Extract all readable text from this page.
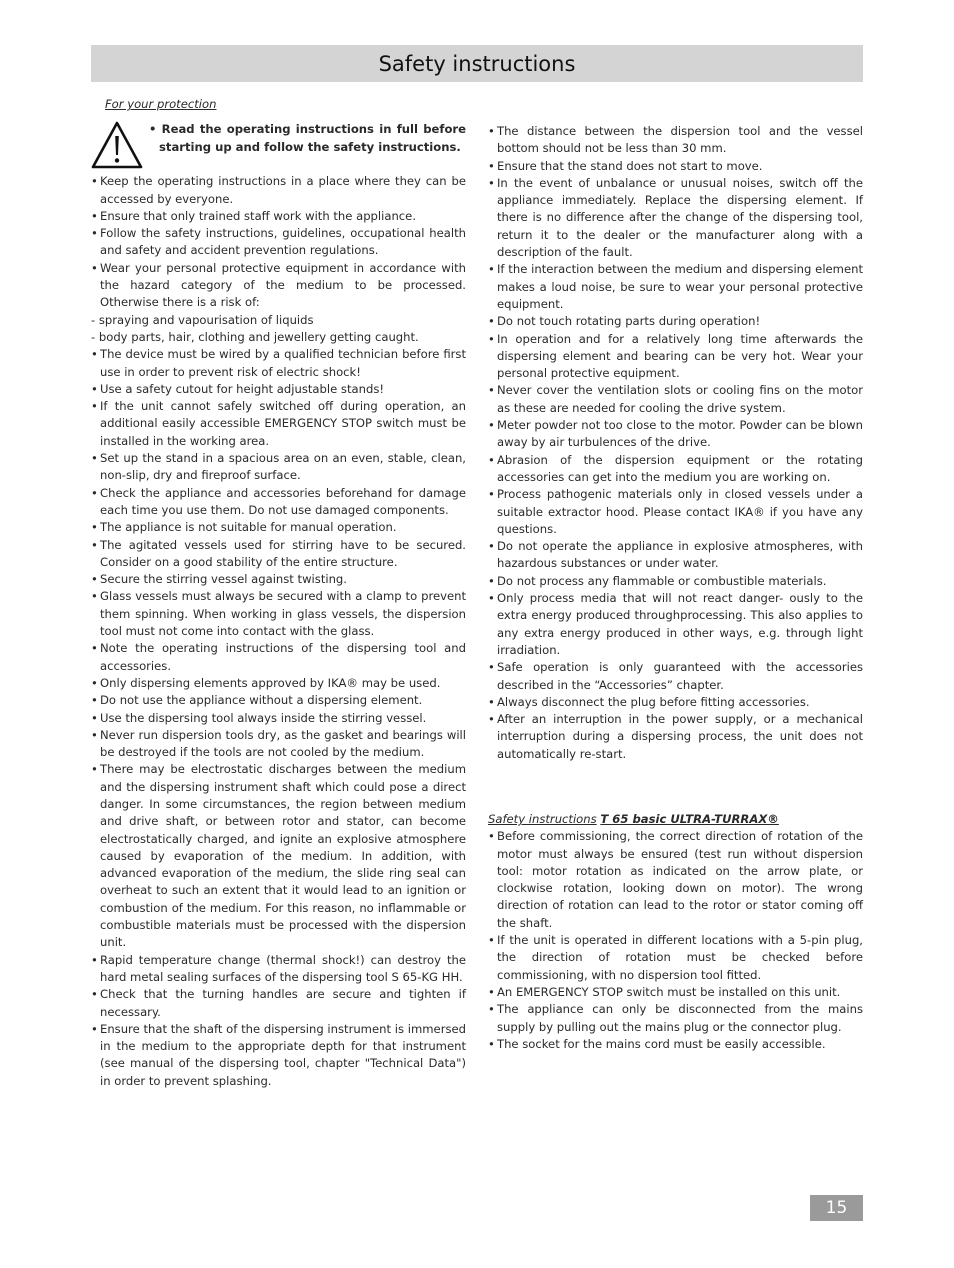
Safety instructions
For your protection
• Read the operating instructions in full before starting up and follow the safety instructions.
• Keep the operating instructions in a place where they can be accessed by everyone.
• Ensure that only trained staff work with the appliance.
• Follow the safety instructions, guidelines, occupational health and safety and accident prevention regulations.
• Wear your personal protective equipment in accordance with the hazard category of the medium to be processed. Otherwise there is a risk of:
- spraying and vapourisation of liquids
- body parts, hair, clothing and jewellery getting caught.
• The device must be wired by a qualified technician before first use in order to prevent risk of electric shock!
• Use a safety cutout for height adjustable stands!
• If the unit cannot safely switched off during operation, an additional easily accessible EMERGENCY STOP switch must be installed in the working area.
• Set up the stand in a spacious area on an even, stable, clean, non-slip, dry and fireproof surface.
• Check the appliance and accessories beforehand for damage each time you use them. Do not use damaged components.
• The appliance is not suitable for manual operation.
• The agitated vessels used for stirring have to be secured. Consider on a good stability of the entire structure.
• Secure the stirring vessel against twisting.
• Glass vessels must always be secured with a clamp to prevent them spinning. When working in glass vessels, the dispersion tool must not come into contact with the glass.
• Note the operating instructions of the dispersing tool and accessories.
• Only dispersing elements approved by IKA® may be used.
• Do not use the appliance without a dispersing element.
• Use the dispersing tool always inside the stirring vessel.
• Never run dispersion tools dry, as the gasket and bearings will be destroyed if the tools are not cooled by the medium.
• There may be electrostatic discharges between the medium and the dispersing instrument shaft which could pose a direct danger. In some circumstances, the region between medium and drive shaft, or between rotor and stator, can become electrostatically charged, and ignite an explosive atmosphere caused by evaporation of the medium. In addition, with advanced evaporation of the medium, the slide ring seal can overheat to such an extent that it would lead to an ignition or combustion of the medium. For this reason, no inflammable or combustible materials must be processed with the dispersion unit.
• Rapid temperature change (thermal shock!) can destroy the hard metal sealing surfaces of the dispersing tool S 65-KG HH.
• Check that the turning handles are secure and tighten if necessary.
• Ensure that the shaft of the dispersing instrument is immersed in the medium to the appropriate depth for that instrument (see manual of the dispersing tool, chapter "Technical Data") in order to prevent splashing.
• The distance between the dispersion tool and the vessel bottom should not be less than 30 mm.
• Ensure that the stand does not start to move.
• In the event of unbalance or unusual noises, switch off the appliance immediately. Replace the dispersing element. If there is no difference after the change of the dispersing tool, return it to the dealer or the manufacturer along with a description of the fault.
• If the interaction between the medium and dispersing element makes a loud noise, be sure to wear your personal protective equipment.
• Do not touch rotating parts during operation!
• In operation and for a relatively long time afterwards the dispersing element and bearing can be very hot. Wear your personal protective equipment.
• Never cover the ventilation slots or cooling fins on the motor as these are needed for cooling the drive system.
• Meter powder not too close to the motor. Powder can be blown away by air turbulences of the drive.
• Abrasion of the dispersion equipment or the rotating accessories can get into the medium you are working on.
• Process pathogenic materials only in closed vessels under a suitable extractor hood. Please contact IKA® if you have any questions.
• Do not operate the appliance in explosive atmospheres, with hazardous substances or under water.
• Do not process any flammable or combustible materials.
• Only process media that will not react danger- ously to the extra energy produced throughprocessing. This also applies to any extra energy produced in other ways, e.g. through light irradiation.
• Safe operation is only guaranteed with the accessories described in the “Accessories” chapter.
• Always disconnect the plug before fitting accessories.
• After an interruption in the power supply, or a mechanical interruption during a dispersing process, the unit does not automatically re-start.
Safety instructions T 65 basic ULTRA-TURRAX®
• Before commissioning, the correct direction of rotation of the motor must always be ensured (test run without dispersion tool: motor rotation as indicated on the arrow plate, or clockwise rotation, looking down on motor). The wrong direction of rotation can lead to the rotor or stator coming off the shaft.
• If the unit is operated in different locations with a 5-pin plug, the direction of rotation must be checked before commissioning, with no dispersion tool fitted.
• An EMERGENCY STOP switch must be installed on this unit.
• The appliance can only be disconnected from the mains supply by pulling out the mains plug or the connector plug.
• The socket for the mains cord must be easily accessible.
15
